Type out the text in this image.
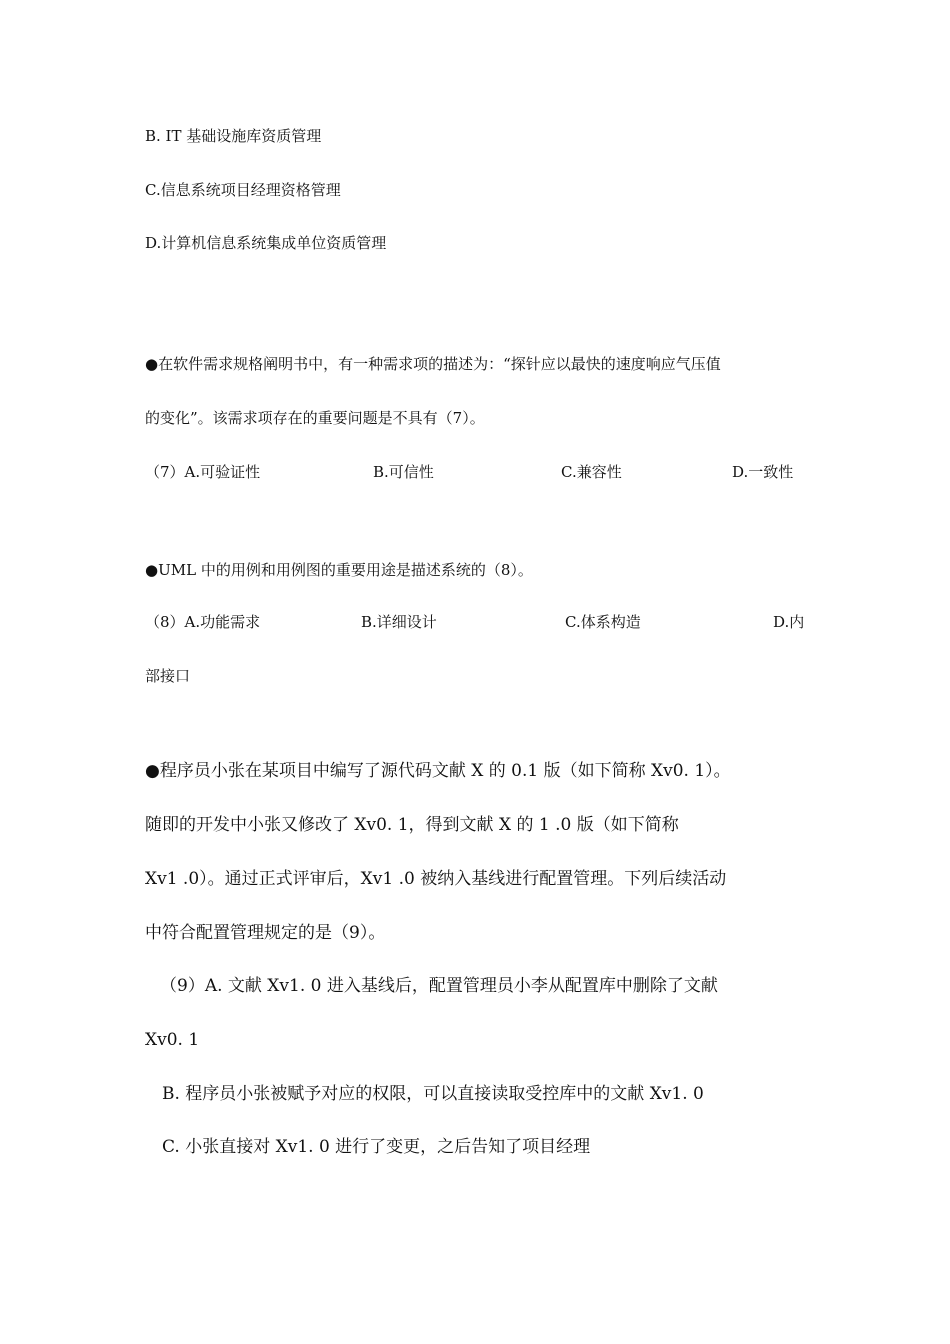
B. IT 基础设施库资质管理
C.信息系统项目经理资格管理
D.计算机信息系统集成单位资质管理
●在软件需求规格阐明书中，有一种需求项的描述为：“探针应以最快的速度响应气压值
的变化”。该需求项存在的重要问题是不具有（7）。
（7）A.可验证性	B.可信性	C.兼容性	D.一致性
●UML 中的用例和用例图的重要用途是描述系统的（8）。
（8）A.功能需求	B.详细设计	C.体系构造	D.内
部接口
●程序员小张在某项目中编写了源代码文献 X 的 0.1 版（如下简称 Xv0. 1）。
随即的开发中小张又修改了 Xv0. 1，得到文献 X 的 1 .0 版（如下简称
Xv1 .0）。通过正式评审后，Xv1 .0 被纳入基线进行配置管理。下列后续活动
中符合配置管理规定的是（9）。
（9）A. 文献 Xv1. 0 进入基线后，配置管理员小李从配置库中删除了文献
Xv0. 1
B. 程序员小张被赋予对应的权限，可以直接读取受控库中的文献 Xv1. 0
C. 小张直接对 Xv1. 0 进行了变更，之后告知了项目经理
